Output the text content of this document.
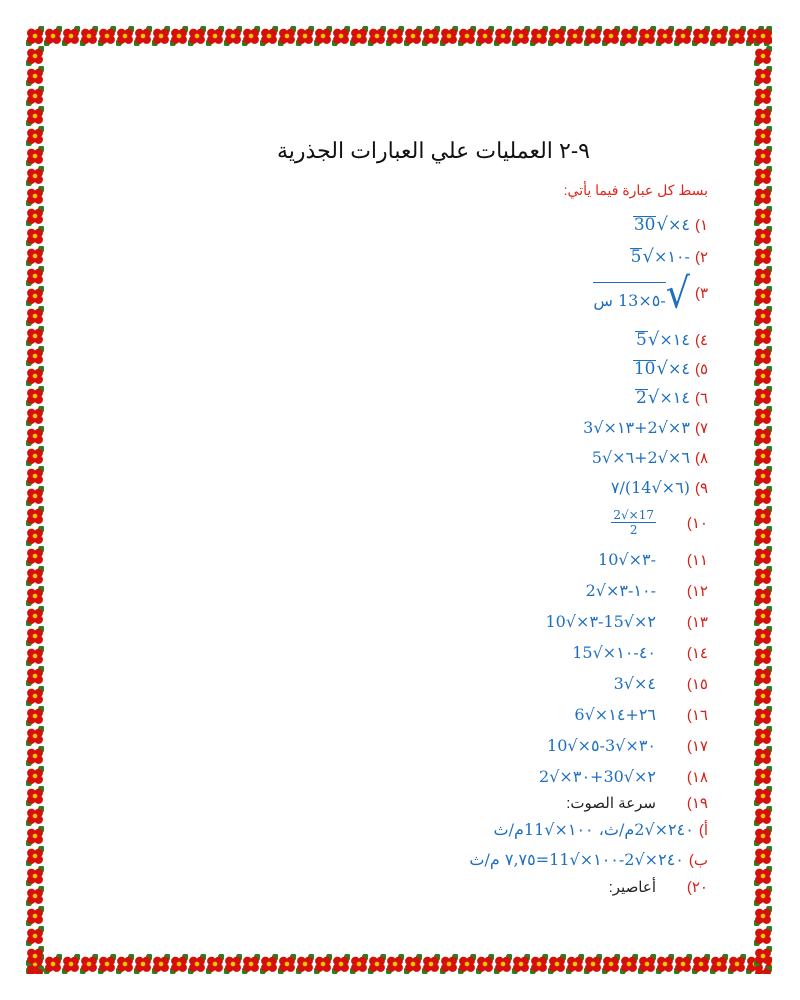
٩-٢ العمليات علي العبارات الجذرية
بسط كل عبارة فيما يأتي:
١)
٤×
√
30
٢)
-١٠×
√
5
٣)
√
-٥×13 س
٤)
١٤×
√
5
٥)
٤×
√
10
٦)
١٤×
√
2
٧)
٣×√2+١٣×√3
٨)
٦×√2+٦×√5
٩)
(٦×√14)/٧
١٠)
$\frac{17\times√2}{2}$
١١)
-٣×√10
١٢)
-١٠-٣×√2
١٣)
٢×√15-٣×√10
١٤)
٤٠-١٠×√15
١٥)
٤×√3
١٦)
٢٦+١٤×√6
١٧)
٣٠×√3-٥×√10
١٨)
٢×√30+٣٠×√2
١٩)
سرعة الصوت:
أ)
٢٤٠×√2م/ث، ١٠٠×√11م/ث
ب)
٢٤٠×√2-١٠٠×√11=٧,٧٥ م/ث
٢٠)
أعاصير:
